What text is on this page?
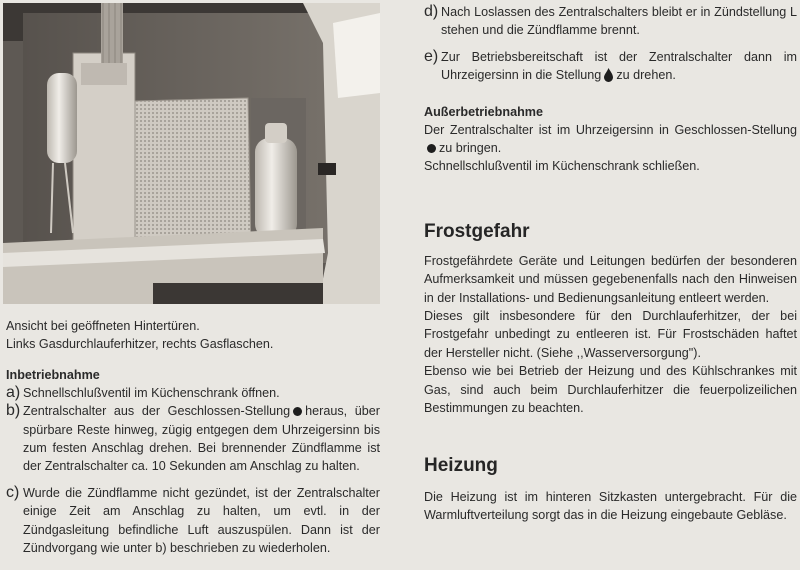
Ansicht bei geöffneten Hintertüren.

Links Gasdurchlauferhitzer, rechts Gasflaschen.

Inbetriebnahme

a) Schnellschlußventil im Küchenschrank öffnen.

b) Zentralschalter aus der Geschlossen-Stellung heraus, über spürbare Reste hinweg, zügig entgegen dem Uhrzeigersinn bis zum festen Anschlag drehen. Bei brennender Zündflamme ist der Zentralschalter ca. 10 Sekunden am Anschlag zu halten.

c) Wurde die Zündflamme nicht gezündet, ist der Zentralschalter einige Zeit am Anschlag zu halten, um evtl. in der Zündgasleitung befindliche Luft auszuspülen. Dann ist der Zündvorgang wie unter b) beschrieben zu wiederholen.

d) Nach Loslassen des Zentralschalters bleibt er in Zündstellung L stehen und die Zündflamme brennt.

e) Zur Betriebsbereitschaft ist der Zentralschalter dann im Uhrzeigersinn in die Stellung zu drehen.

Außerbetriebnahme

Der Zentralschalter ist im Uhrzeigersinn in Geschlossen-Stellungzu bringen.

Schnellschlußventil im Küchenschrank schließen.

Frostgefahr

Frostgefährdete Geräte und Leitungen bedürfen der besonderen Aufmerksamkeit und müssen gegebenenfalls nach den Hinweisen in der Installations- und Bedienungsanleitung entleert werden.

Dieses gilt insbesondere für den Durchlauferhitzer, der bei Frostgefahr unbedingt zu entleeren ist. Für Frostschäden haftet der Hersteller nicht. (Siehe ,,Wasserversorgung").

Ebenso wie bei Betrieb der Heizung und des Kühlschrankes mit Gas, sind auch beim Durchlauferhitzer die feuerpolizeilichen Bestimmungen zu beachten.

Heizung

Die Heizung ist im hinteren Sitzkasten untergebracht. Für die Warmluftverteilung sorgt das in die Heizung eingebaute Gebläse.
